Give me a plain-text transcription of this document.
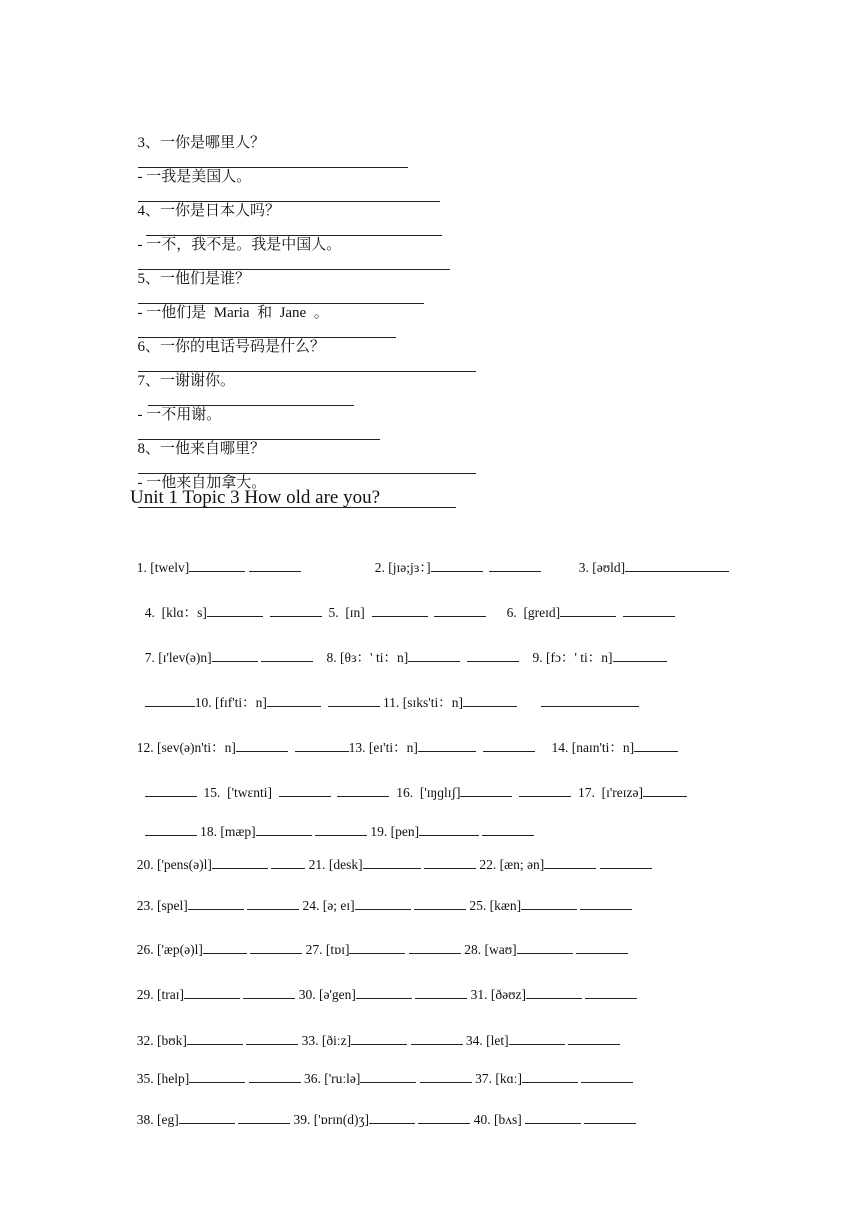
3、一你是哪里人？

- 一我是美国人。

4、一你是日本人吗？

- 一不，我不是。我是中国人。

5、一他们是谁？

- 一他们是  Maria  和  Jane  。

6、一你的电话号码是什么？

7、一谢谢你。

- 一不用谢。

8、一他来自哪里？

- 一他来自加拿大。

Unit 1 Topic 3 How old are you?

1. [twelv]	2. [jɪə;jɜ：]	3. [əʊld]

4.  [klɑ：s]	5.  [ɪn]	6.  [greɪd]

7. [ɪ'lev(ə)n]	8. [θɜ：' ti：n]	9. [fɔ：' ti：n]

10. [fɪf'ti：n]	11. [sɪks'ti：n]

12. [sev(ə)n'ti：n]	13. [eɪ'ti：n]	14. [naɪn'ti：n]

15.  ['twɛnti]	16.  ['ɪŋɡlɪʃ]	17.  [ɪ'reɪzə]

18. [mæp]	19. [pen]

20. ['pens(ə)l]	21. [desk]	22. [æn; ən]

23. [spel]	24. [ə; eɪ]	25. [kæn]

26. ['æp(ə)l]	27. [tɒɪ]	28. [waʊ]

29. [traɪ]	30. [ə'gen]	31. [ðəʊz]

32. [bʊk]	33. [ðiːz]	34. [let]

35. [help]	36. ['ruːlə]	37. [kɑː]

38. [eg]	39. ['ɒrɪn(d)ʒ]	40. [bʌs]
